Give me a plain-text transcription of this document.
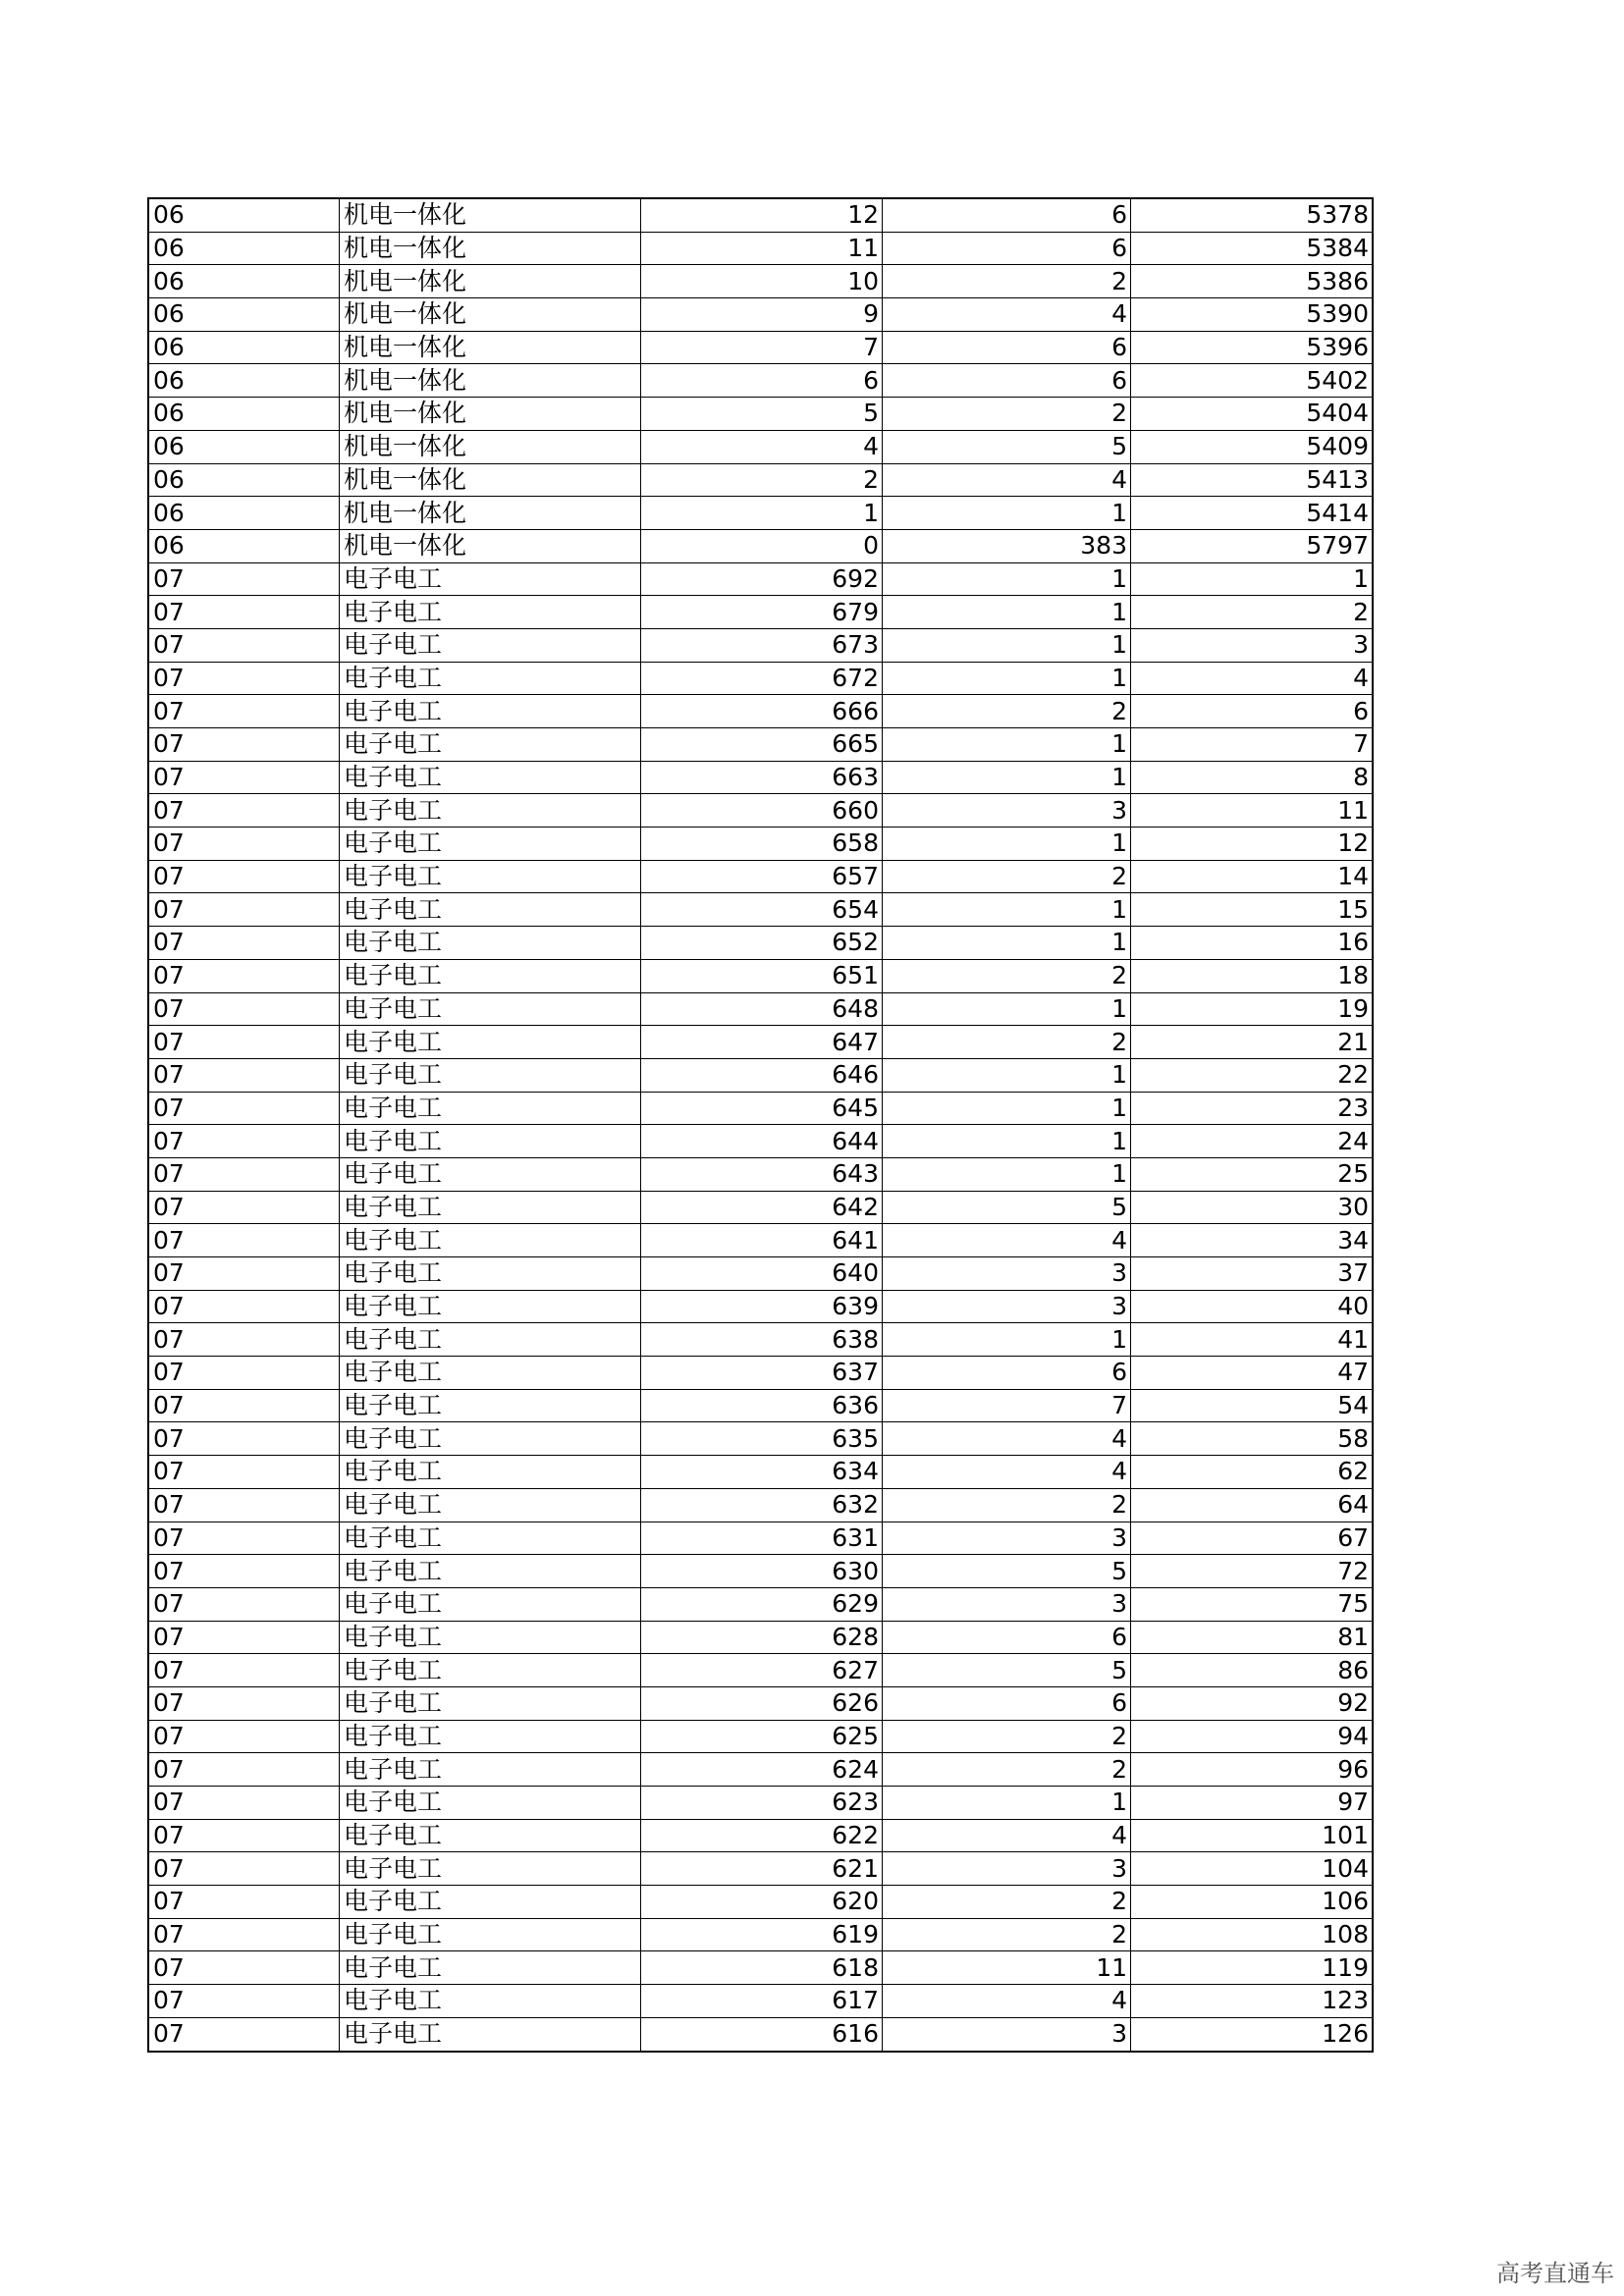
06	机电一体化	12	6	5378
06	机电一体化	11	6	5384
06	机电一体化	10	2	5386
06	机电一体化	9	4	5390
06	机电一体化	7	6	5396
06	机电一体化	6	6	5402
06	机电一体化	5	2	5404
06	机电一体化	4	5	5409
06	机电一体化	2	4	5413
06	机电一体化	1	1	5414
06	机电一体化	0	383	5797
07	电子电工	692	1	1
07	电子电工	679	1	2
07	电子电工	673	1	3
07	电子电工	672	1	4
07	电子电工	666	2	6
07	电子电工	665	1	7
07	电子电工	663	1	8
07	电子电工	660	3	11
07	电子电工	658	1	12
07	电子电工	657	2	14
07	电子电工	654	1	15
07	电子电工	652	1	16
07	电子电工	651	2	18
07	电子电工	648	1	19
07	电子电工	647	2	21
07	电子电工	646	1	22
07	电子电工	645	1	23
07	电子电工	644	1	24
07	电子电工	643	1	25
07	电子电工	642	5	30
07	电子电工	641	4	34
07	电子电工	640	3	37
07	电子电工	639	3	40
07	电子电工	638	1	41
07	电子电工	637	6	47
07	电子电工	636	7	54
07	电子电工	635	4	58
07	电子电工	634	4	62
07	电子电工	632	2	64
07	电子电工	631	3	67
07	电子电工	630	5	72
07	电子电工	629	3	75
07	电子电工	628	6	81
07	电子电工	627	5	86
07	电子电工	626	6	92
07	电子电工	625	2	94
07	电子电工	624	2	96
07	电子电工	623	1	97
07	电子电工	622	4	101
07	电子电工	621	3	104
07	电子电工	620	2	106
07	电子电工	619	2	108
07	电子电工	618	11	119
07	电子电工	617	4	123
07	电子电工	616	3	126
高考直通车
